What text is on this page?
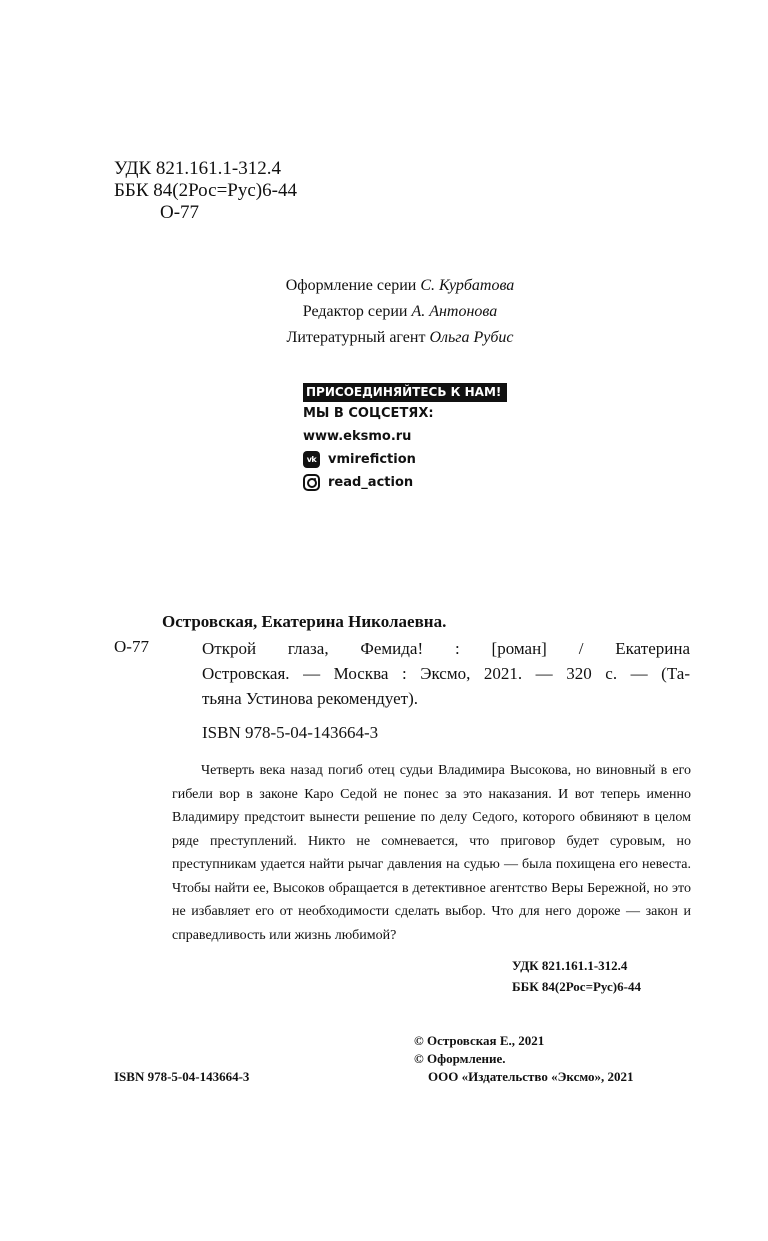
УДК 821.161.1-312.4
ББК 84(2Рос=Рус)6-44
О-77
Оформление серии С. Курбатова
Редактор серии А. Антонова
Литературный агент Ольга Рубис
ПРИСОЕДИНЯЙТЕСЬ К НАМ!
МЫ В СОЦСЕТЯХ:
www.eksmo.ru
vk vmirefiction
read_action
Островская, Екатерина Николаевна.
О-77	Открой глаза, Фемида! : [роман] / Екатерина
Островская. — Москва : Эксмо, 2021. — 320 с. — (Та-
тьяна Устинова рекомендует).
ISBN 978-5-04-143664-3
Четверть века назад погиб отец судьи Владимира Высокова, но виновный в его гибели вор в законе Каро Седой не понес за это наказания. И вот теперь именно Владимиру предстоит вынести решение по делу Седого, которого обвиняют в целом ряде преступлений. Никто не сомневается, что приговор будет суровым, но преступникам удается найти рычаг давления на судью — была похищена его невеста. Чтобы найти ее, Высоков обращается в детективное агентство Веры Бережной, но это не избавляет его от необходимости сделать выбор. Что для него дороже — закон и справедливость или жизнь любимой?
УДК 821.161.1-312.4
ББК 84(2Рос=Рус)6-44
© Островская Е., 2021
© Оформление.
ООО «Издательство «Эксмо», 2021
ISBN 978-5-04-143664-3
